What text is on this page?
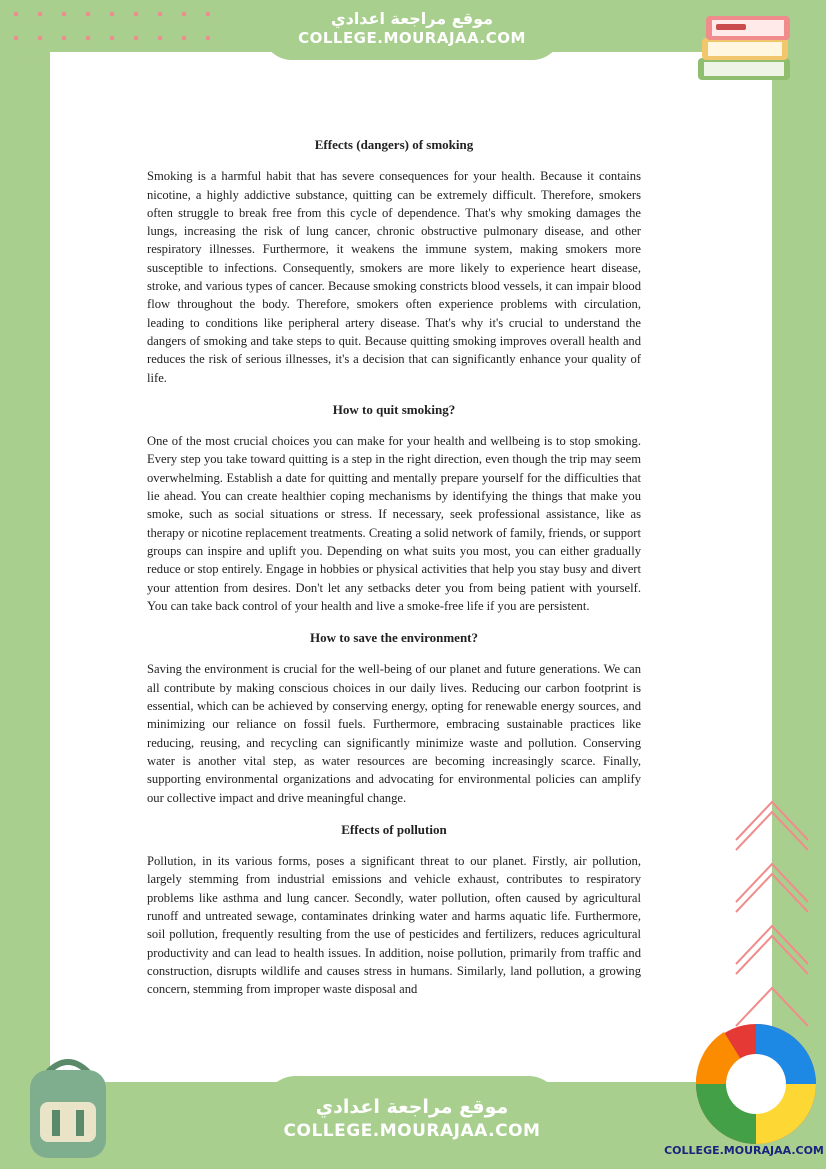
موقع مراجعة اعدادي
COLLEGE.MOURAJAA.COM
Effects (dangers) of smoking

Smoking is a harmful habit that has severe consequences for your health. Because it contains nicotine, a highly addictive substance, quitting can be extremely difficult. Therefore, smokers often struggle to break free from this cycle of dependence. That's why smoking damages the lungs, increasing the risk of lung cancer, chronic obstructive pulmonary disease, and other respiratory illnesses. Furthermore, it weakens the immune system, making smokers more susceptible to infections. Consequently, smokers are more likely to experience heart disease, stroke, and various types of cancer. Because smoking constricts blood vessels, it can impair blood flow throughout the body. Therefore, smokers often experience problems with circulation, leading to conditions like peripheral artery disease. That's why it's crucial to understand the dangers of smoking and take steps to quit. Because quitting smoking improves overall health and reduces the risk of serious illnesses, it's a decision that can significantly enhance your quality of life.

How to quit smoking?

One of the most crucial choices you can make for your health and wellbeing is to stop smoking. Every step you take toward quitting is a step in the right direction, even though the trip may seem overwhelming. Establish a date for quitting and mentally prepare yourself for the difficulties that lie ahead. You can create healthier coping mechanisms by identifying the things that make you smoke, such as social situations or stress. If necessary, seek professional assistance, like as therapy or nicotine replacement treatments. Creating a solid network of family, friends, or support groups can inspire and uplift you. Depending on what suits you most, you can either gradually reduce or stop entirely. Engage in hobbies or physical activities that help you stay busy and divert your attention from desires. Don't let any setbacks deter you from being patient with yourself. You can take back control of your health and live a smoke-free life if you are persistent.

How to save the environment?

Saving the environment is crucial for the well-being of our planet and future generations. We can all contribute by making conscious choices in our daily lives. Reducing our carbon footprint is essential, which can be achieved by conserving energy, opting for renewable energy sources, and minimizing our reliance on fossil fuels. Furthermore, embracing sustainable practices like reducing, reusing, and recycling can significantly minimize waste and pollution. Conserving water is another vital step, as water resources are becoming increasingly scarce. Finally, supporting environmental organizations and advocating for environmental policies can amplify our collective impact and drive meaningful change.

Effects of pollution

Pollution, in its various forms, poses a significant threat to our planet. Firstly, air pollution, largely stemming from industrial emissions and vehicle exhaust, contributes to respiratory problems like asthma and lung cancer. Secondly, water pollution, often caused by agricultural runoff and untreated sewage, contaminates drinking water and harms aquatic life. Furthermore, soil pollution, frequently resulting from the use of pesticides and fertilizers, reduces agricultural productivity and can lead to health issues. In addition, noise pollution, primarily from traffic and construction, disrupts wildlife and causes stress in humans. Similarly, land pollution, a growing concern, stemming from improper waste disposal and

موقع مراجعة اعدادي
COLLEGE.MOURAJAA.COM
COLLEGE.MOURAJAA.COM
